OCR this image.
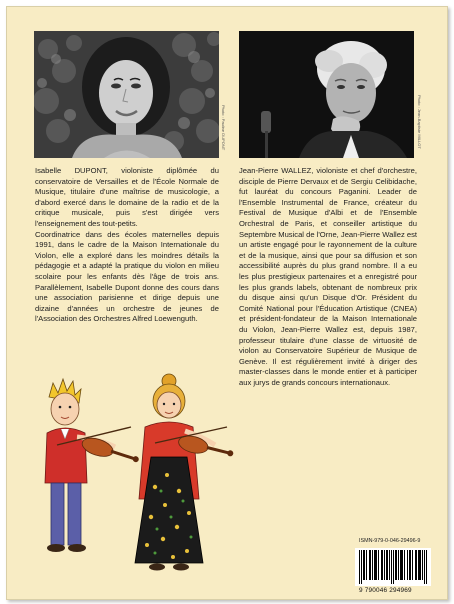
Photo : Pauline DUPONT	Photo : Jean-Baptiste MILLOT

Isabelle DUPONT, violoniste diplômée du conservatoire de Versailles et de l'École Normale de Musique, titulaire d'une maîtrise de musicologie, a d'abord exercé dans le domaine de la radio et de la critique musicale, puis s'est dirigée vers l'enseignement des tout-petits.

Coordinatrice dans des écoles maternelles depuis 1991, dans le cadre de la Maison Internationale du Violon, elle a exploré dans les moindres détails la pédagogie et a adapté la pratique du violon en milieu scolaire pour les enfants dès l'âge de trois ans. Parallèlement, Isabelle Dupont donne des cours dans une association parisienne et dirige depuis une dizaine d'années un orchestre de jeunes de l'Association des Orchestres Alfred Loewenguth.

Jean-Pierre WALLEZ, violoniste et chef d'orchestre, disciple de Pierre Dervaux et de Sergiu Celibidache, fut lauréat du concours Paganini. Leader de l'Ensemble Instrumental de France, créateur du Festival de Musique d'Albi et de l'Ensemble Orchestral de Paris, et conseiller artistique du Septembre Musical de l'Orne, Jean-Pierre Wallez est un artiste engagé pour le rayonnement de la culture et de la musique, ainsi que pour sa diffusion et son accessibilité auprès du plus grand nombre. Il a eu les plus prestigieux partenaires et a enregistré pour les plus grands labels, obtenant de nombreux prix du disque ainsi qu'un Disque d'Or. Président du Comité National pour l'Éducation Artistique (CNEA) et président-fondateur de la Maison Internationale du Violon, Jean-Pierre Wallez est, depuis 1987, professeur titulaire d'une classe de virtuosité de violon au Conservatoire Supérieur de Musique de Genève. Il est régulièrement invité à diriger des master-classes dans le monde entier et à participer aux jurys de grands concours internationaux.

ISMN-979-0-046-29496-9
9 790046 294969
